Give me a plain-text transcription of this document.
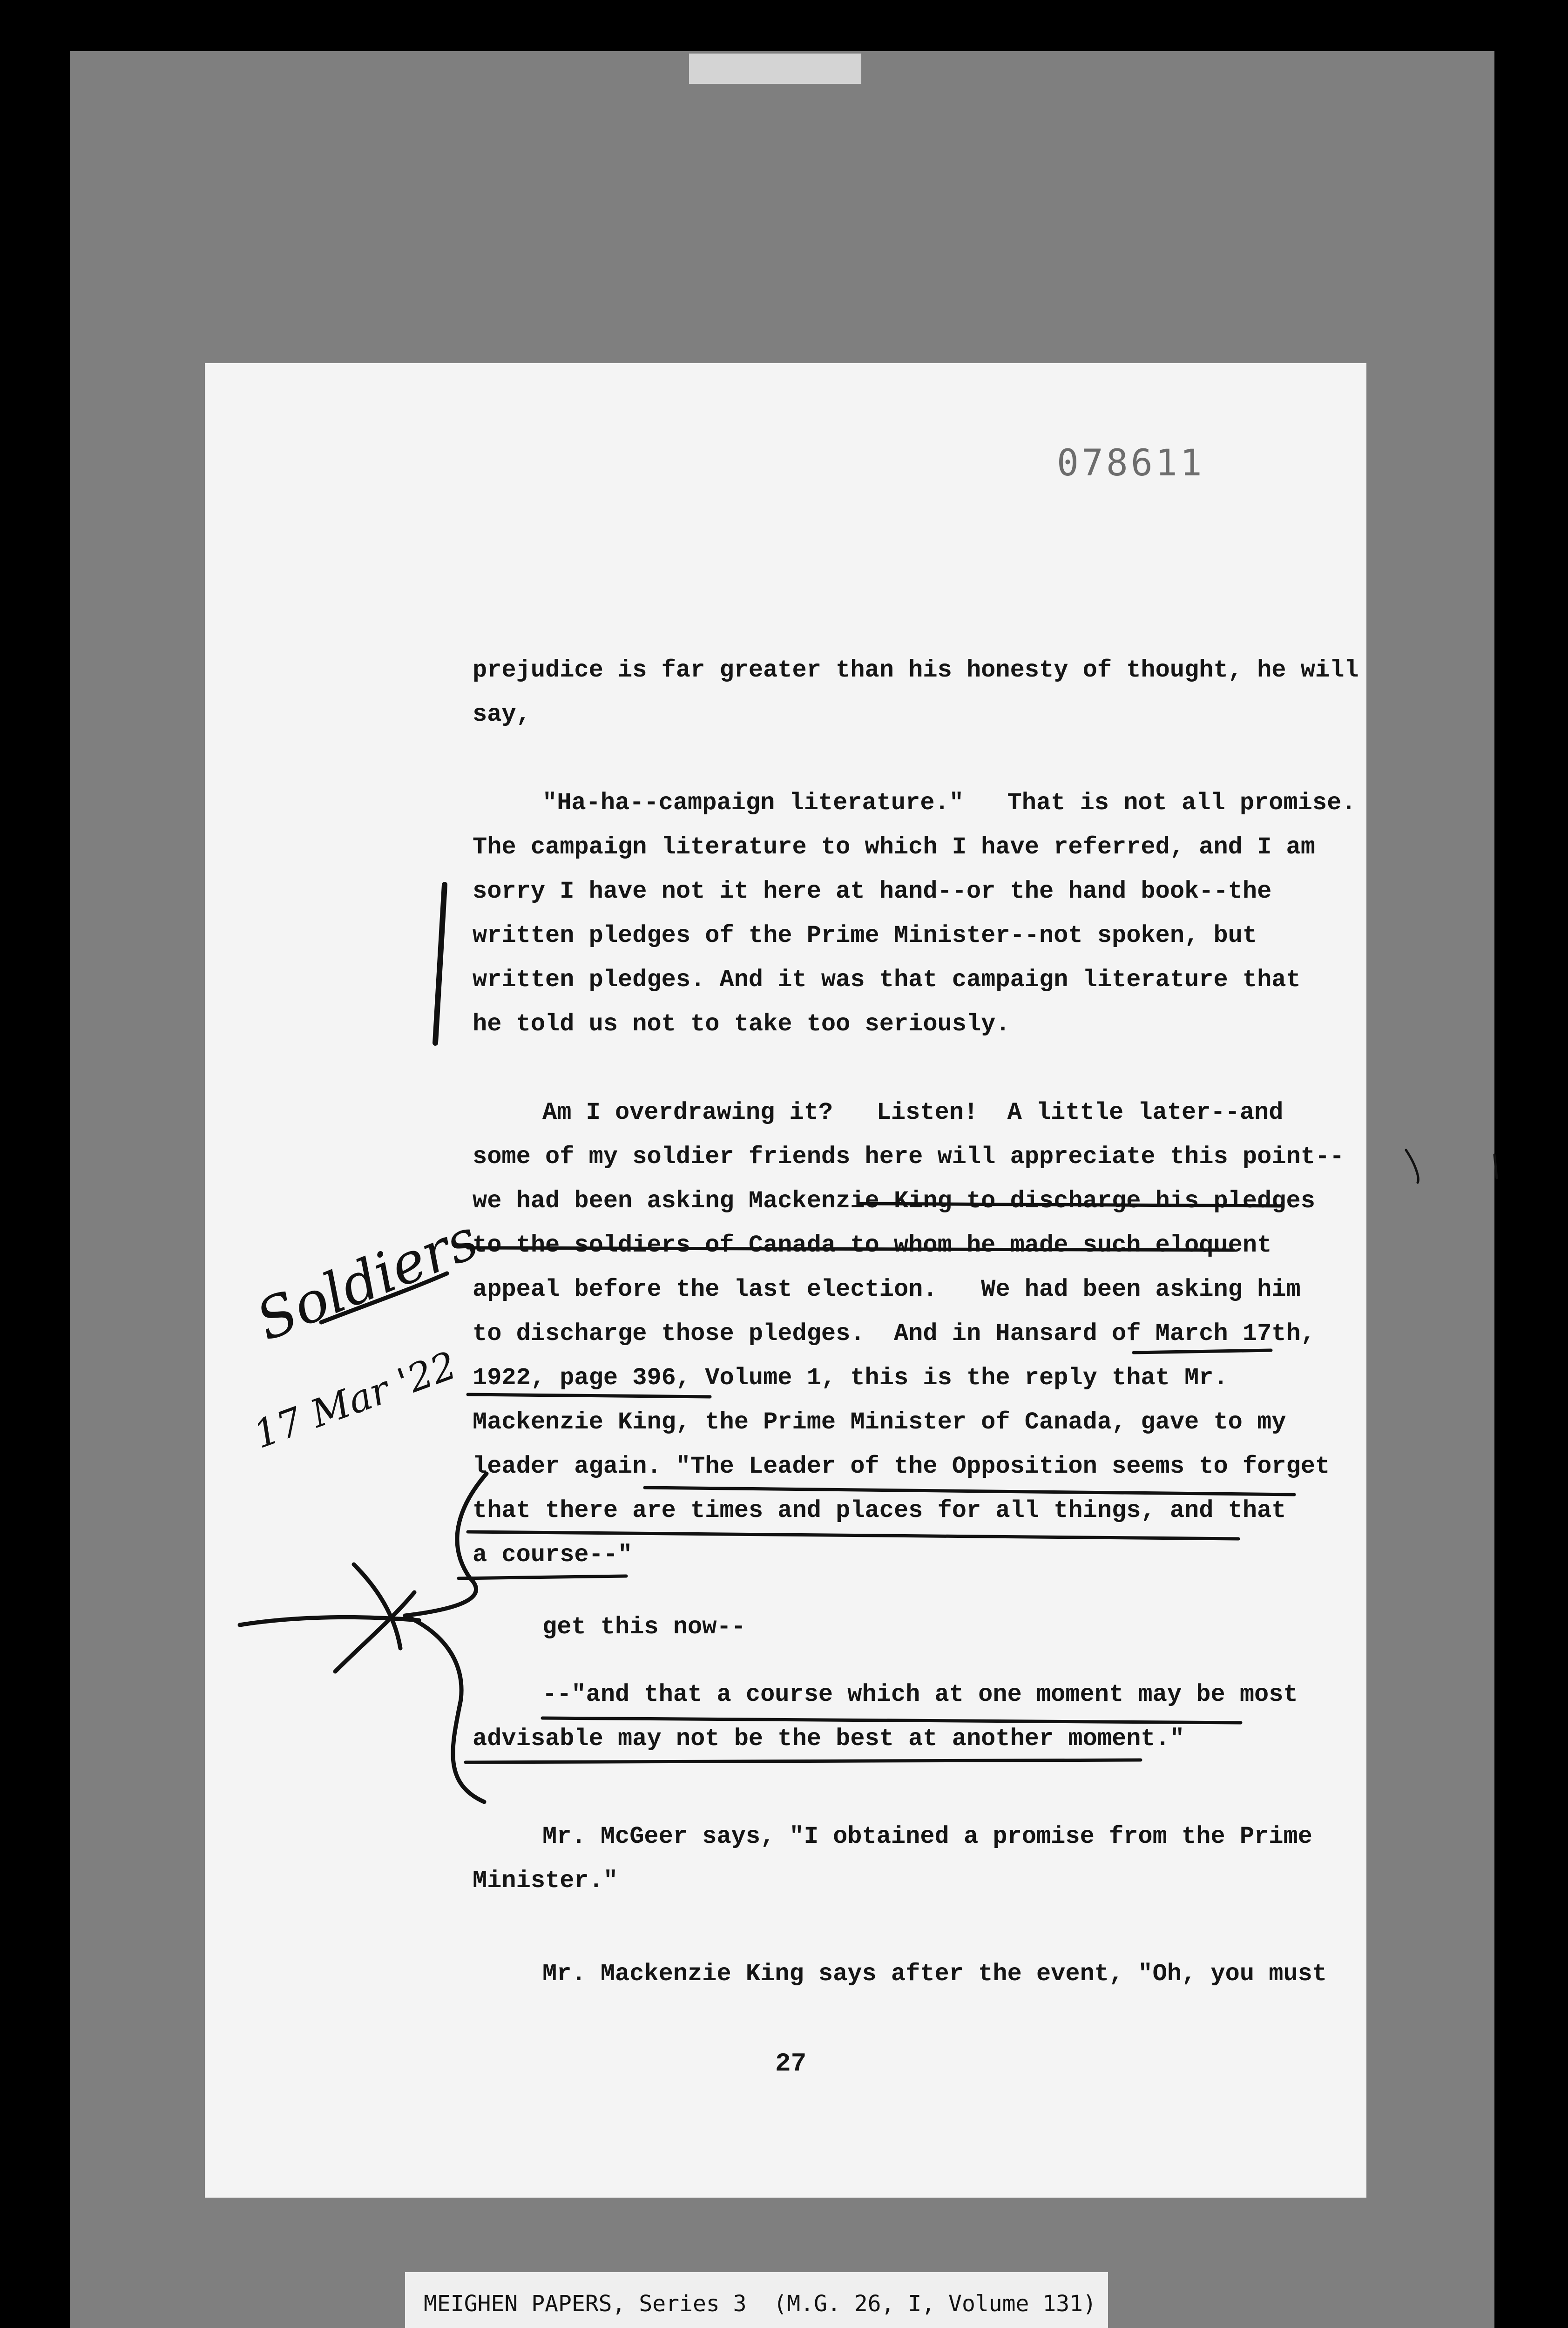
078611
prejudice is far greater than his honesty of thought, he will
say,
"Ha-ha--campaign literature."   That is not all promise.
The campaign literature to which I have referred, and I am
sorry I have not it here at hand--or the hand book--the
written pledges of the Prime Minister--not spoken, but
written pledges. And it was that campaign literature that
he told us not to take too seriously.
Am I overdrawing it?   Listen!  A little later--and
some of my soldier friends here will appreciate this point--
we had been asking Mackenzie King to discharge his pledges
to the soldiers of Canada to whom he made such eloquent
appeal before the last election.   We had been asking him
to discharge those pledges.  And in Hansard of March 17th,
1922, page 396, Volume 1, this is the reply that Mr.
Mackenzie King, the Prime Minister of Canada, gave to my
leader again. "The Leader of the Opposition seems to forget
that there are times and places for all things, and that
a course--"
get this now--
--"and that a course which at one moment may be most
advisable may not be the best at another moment."
Mr. McGeer says, "I obtained a promise from the Prime
Minister."
Mr. Mackenzie King says after the event, "Oh, you must
27
Soldiers
17 Mar '22
MEIGHEN PAPERS, Series 3  (M.G. 26, I, Volume 131)
